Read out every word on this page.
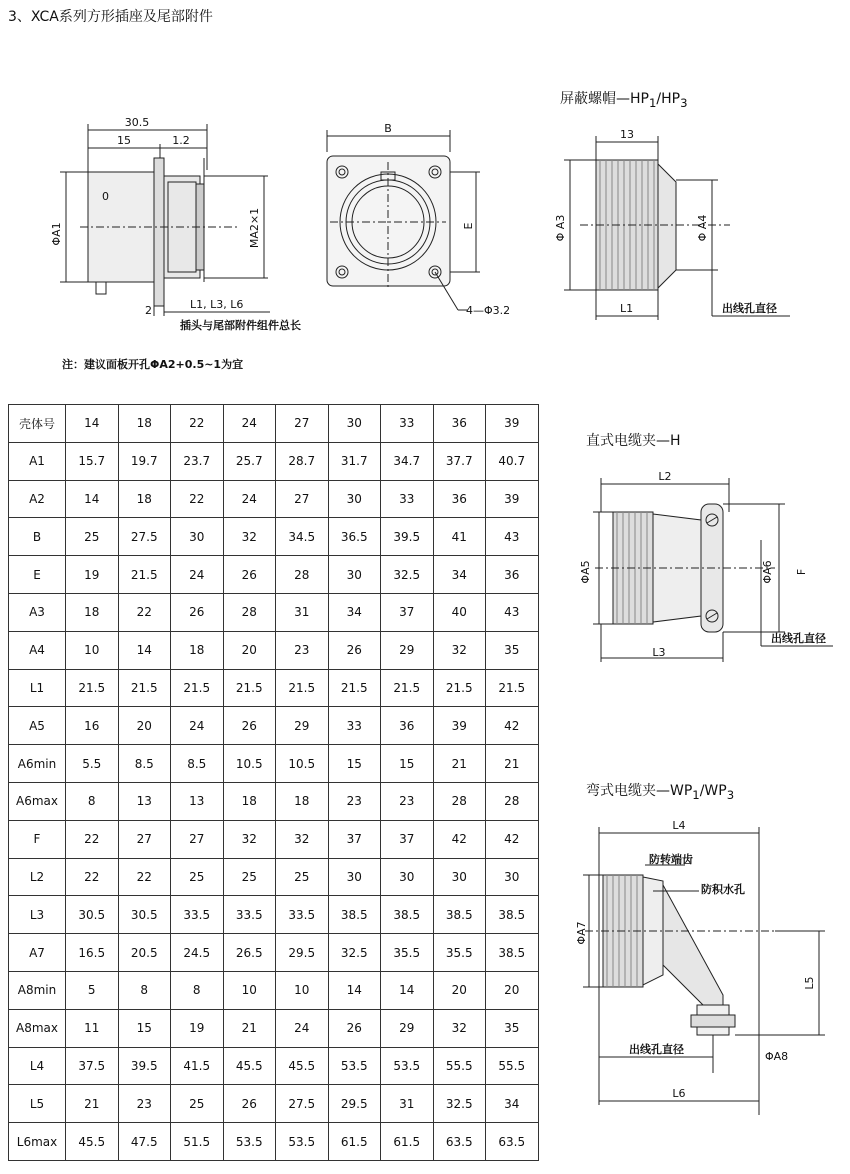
3、XCA系列方形插座及尾部附件
30.5
15	1.2
0
ΦA1	MA2×1
2	L1, L3, L6
插头与尾部附件组件总长
B
E
4—Φ3.2
屏蔽螺帽$—HP_1/HP_3$
13
Φ A3	Φ A4
L1	出线孔直径
直式电缆夹—H
L2
ΦA5	ΦA6 F
L3
出线孔直径
弯式电缆夹$—WP_1/WP_3$
L4
防转端齿
防积水孔
ΦA7
L5
出线孔直径
ΦA8
L6
注：建议面板开孔ΦA2+0.5~1为宜
壳体号	14	18	22	24	27	30	33	36	39
A1	15.7	19.7	23.7	25.7	28.7	31.7	34.7	37.7	40.7
A2	14	18	22	24	27	30	33	36	39
B	25	27.5	30	32	34.5	36.5	39.5	41	43
E	19	21.5	24	26	28	30	32.5	34	36
A3	18	22	26	28	31	34	37	40	43
A4	10	14	18	20	23	26	29	32	35
L1	21.5	21.5	21.5	21.5	21.5	21.5	21.5	21.5	21.5
A5	16	20	24	26	29	33	36	39	42
A6min	5.5	8.5	8.5	10.5	10.5	15	15	21	21
A6max	8	13	13	18	18	23	23	28	28
F	22	27	27	32	32	37	37	42	42
L2	22	22	25	25	25	30	30	30	30
L3	30.5	30.5	33.5	33.5	33.5	38.5	38.5	38.5	38.5
A7	16.5	20.5	24.5	26.5	29.5	32.5	35.5	35.5	38.5
A8min	5	8	8	10	10	14	14	20	20
A8max	11	15	19	21	24	26	29	32	35
L4	37.5	39.5	41.5	45.5	45.5	53.5	53.5	55.5	55.5
L5	21	23	25	26	27.5	29.5	31	32.5	34
L6max	45.5	47.5	51.5	53.5	53.5	61.5	61.5	63.5	63.5
